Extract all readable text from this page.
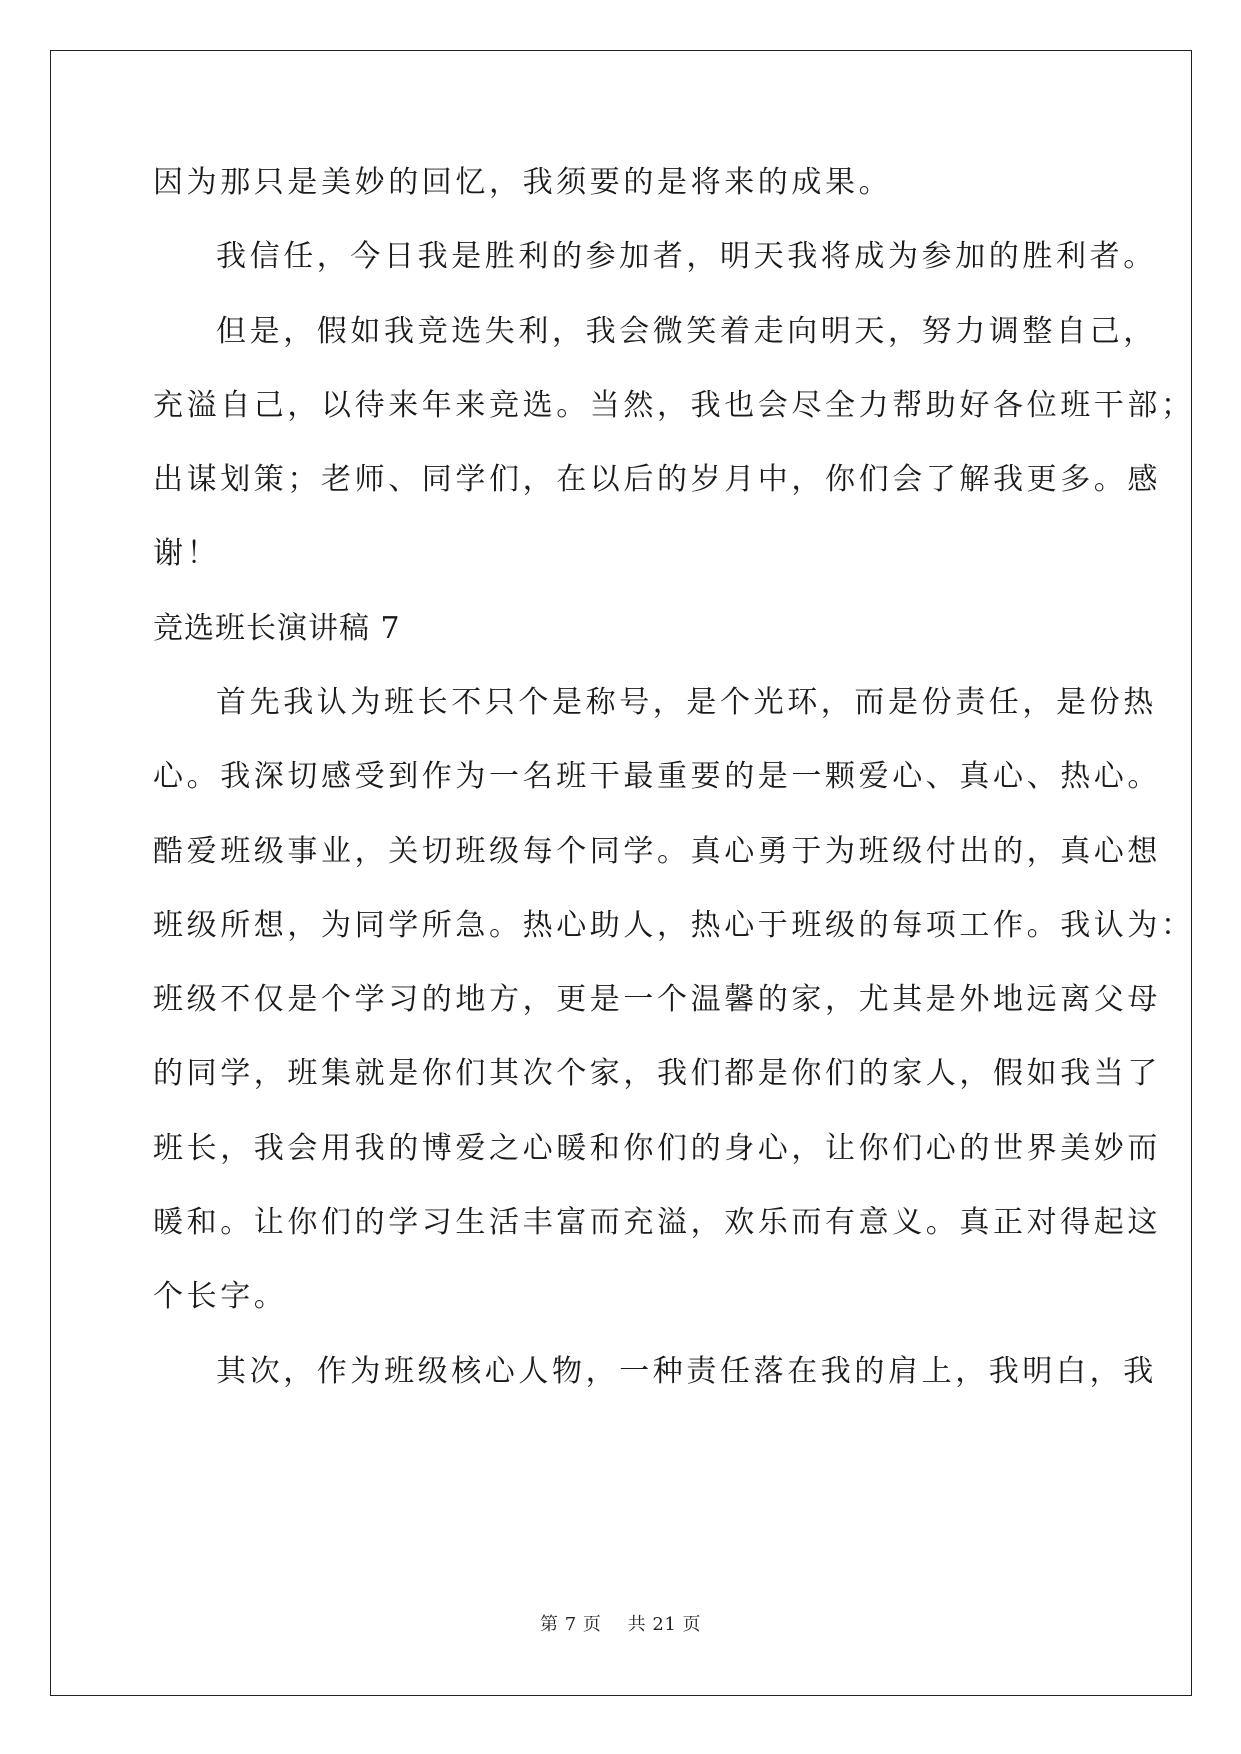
因为那只是美妙的回忆，我须要的是将来的成果。
我信任，今日我是胜利的参加者，明天我将成为参加的胜利者。
但是，假如我竞选失利，我会微笑着走向明天，努力调整自己，
充溢自己，以待来年来竞选。当然，我也会尽全力帮助好各位班干部；
出谋划策；老师、同学们，在以后的岁月中，你们会了解我更多。感
谢！
竞选班长演讲稿 7
首先我认为班长不只个是称号，是个光环，而是份责任，是份热
心。我深切感受到作为一名班干最重要的是一颗爱心、真心、热心。
酷爱班级事业，关切班级每个同学。真心勇于为班级付出的，真心想
班级所想，为同学所急。热心助人，热心于班级的每项工作。我认为：
班级不仅是个学习的地方，更是一个温馨的家，尤其是外地远离父母
的同学，班集就是你们其次个家，我们都是你们的家人，假如我当了
班长，我会用我的博爱之心暖和你们的身心，让你们心的世界美妙而
暖和。让你们的学习生活丰富而充溢，欢乐而有意义。真正对得起这
个长字。
其次，作为班级核心人物，一种责任落在我的肩上，我明白，我
第 7 页 共 21 页
